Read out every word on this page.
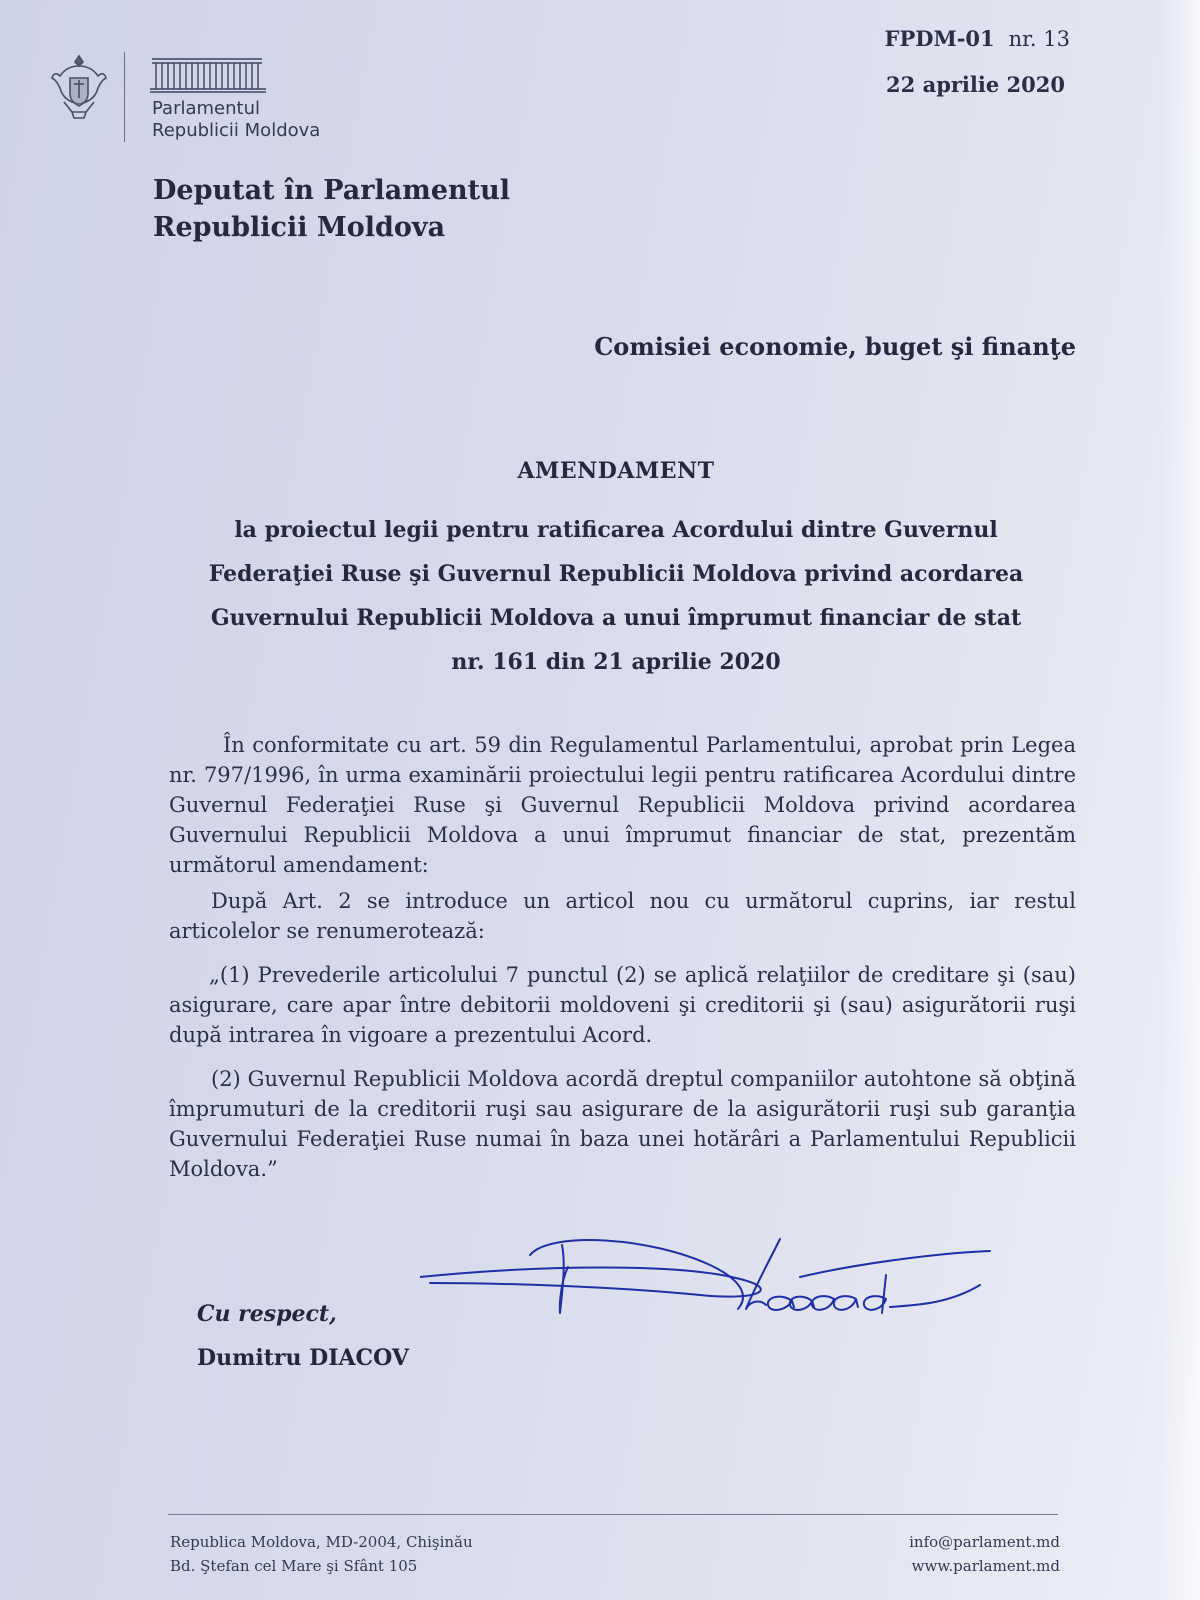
Parlamentul
Republicii Moldova
FPDM-01 nr. 13
22 aprilie 2020
Deputat în Parlamentul
Republicii Moldova
Comisiei economie, buget şi finanţe
AMENDAMENT
la proiectul legii pentru ratificarea Acordului dintre Guvernul
Federaţiei Ruse şi Guvernul Republicii Moldova privind acordarea
Guvernului Republicii Moldova a unui împrumut financiar de stat
nr. 161 din 21 aprilie 2020

În conformitate cu art. 59 din Regulamentul Parlamentului, aprobat prin Legea nr. 797/1996, în urma examinării proiectului legii pentru ratificarea Acordului dintre Guvernul Federaţiei Ruse şi Guvernul Republicii Moldova privind acordarea Guvernului Republicii Moldova a unui împrumut financiar de stat, prezentăm următorul amendament:

După Art. 2 se introduce un articol nou cu următorul cuprins, iar restul articolelor se renumerotează:

„(1) Prevederile articolului 7 punctul (2) se aplică relaţiilor de creditare şi (sau) asigurare, care apar între debitorii moldoveni şi creditorii şi (sau) asigurătorii ruşi după intrarea în vigoare a prezentului Acord.

(2) Guvernul Republicii Moldova acordă dreptul companiilor autohtone să obţină împrumuturi de la creditorii ruşi sau asigurare de la asigurătorii ruşi sub garanţia Guvernului Federaţiei Ruse numai în baza unei hotărâri a Parlamentului Republicii Moldova.”

Cu respect,
Dumitru DIACOV
Republica Moldova, MD-2004, Chişinău
Bd. Ştefan cel Mare şi Sfânt 105
info@parlament.md
www.parlament.md
